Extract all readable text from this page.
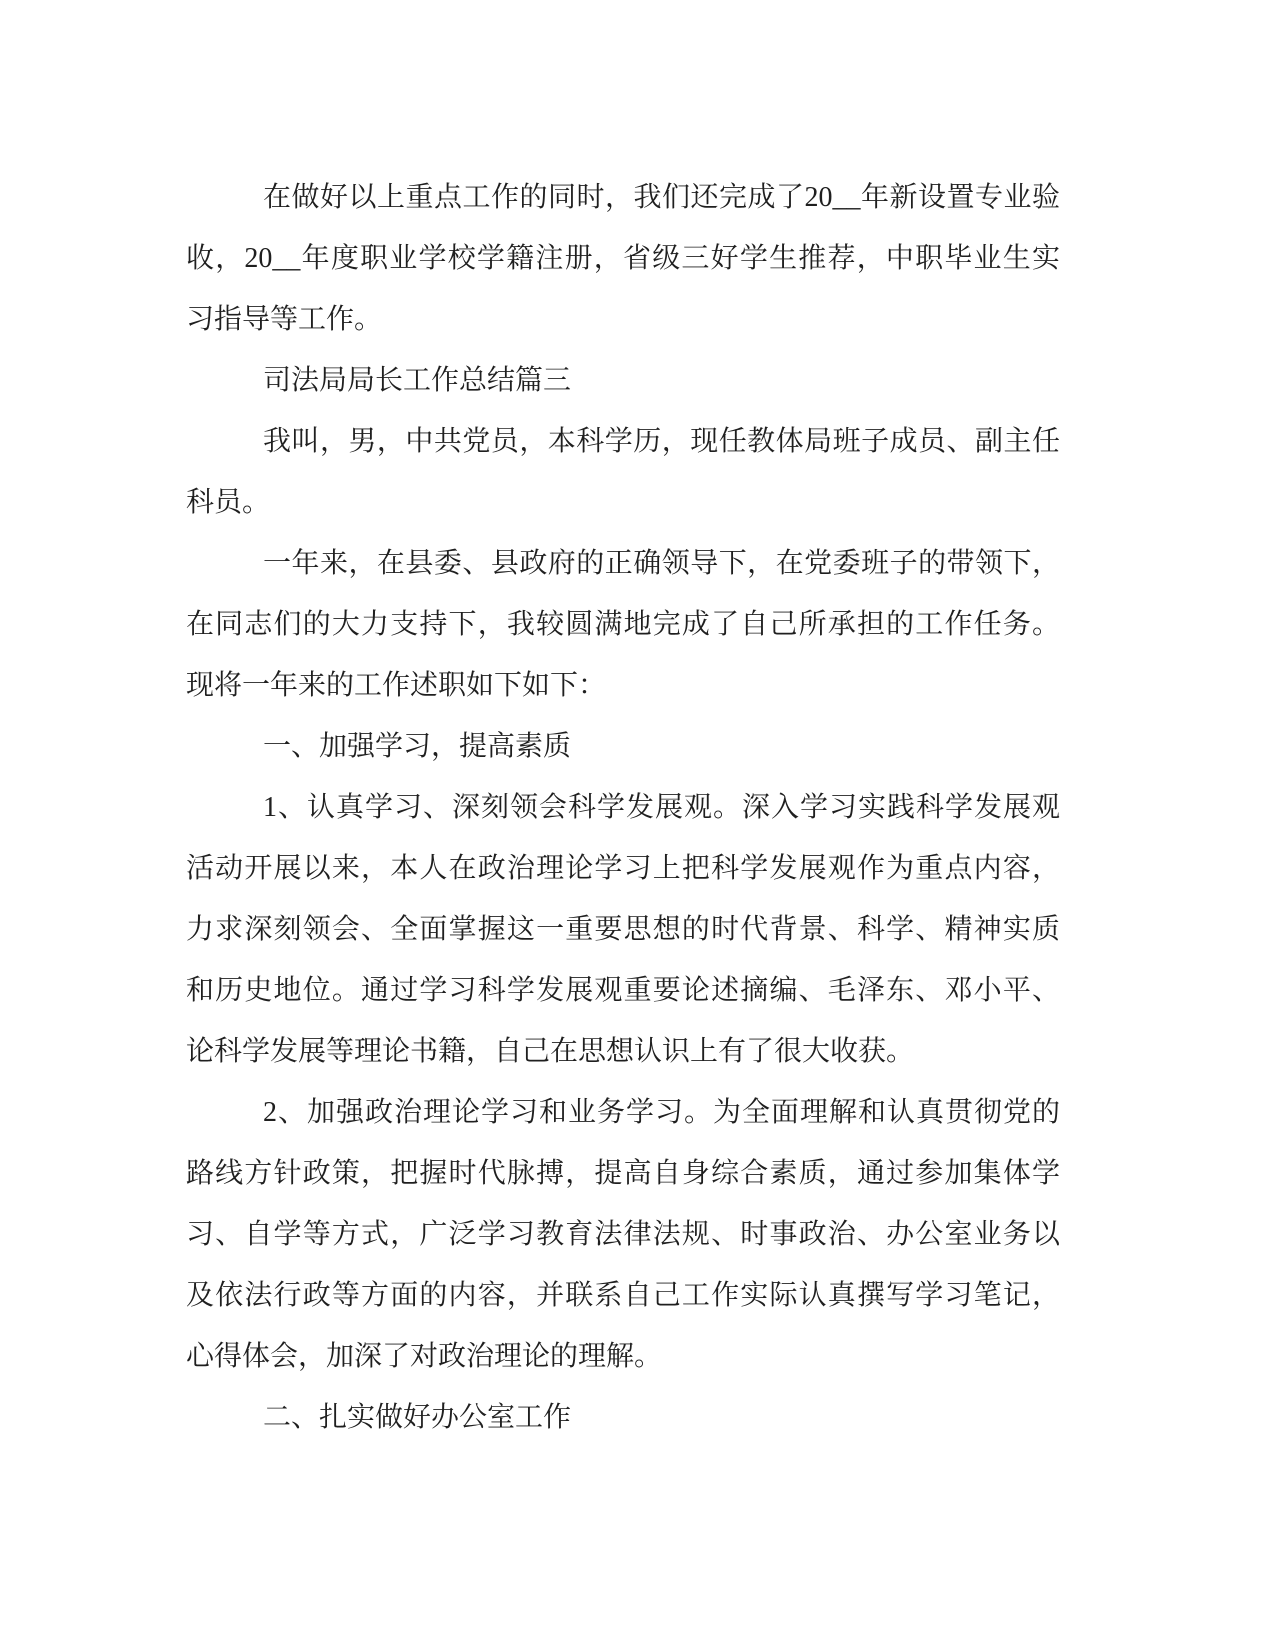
在做好以上重点工作的同时，我们还完成了20__年新设置专业验
收，20__年度职业学校学籍注册，省级三好学生推荐，中职毕业生实
习指导等工作。
司法局局长工作总结篇三
我叫，男，中共党员，本科学历，现任教体局班子成员、副主任
科员。
一年来，在县委、县政府的正确领导下，在党委班子的带领下，
在同志们的大力支持下，我较圆满地完成了自己所承担的工作任务。
现将一年来的工作述职如下如下：
一、加强学习，提高素质
1、认真学习、深刻领会科学发展观。深入学习实践科学发展观
活动开展以来，本人在政治理论学习上把科学发展观作为重点内容，
力求深刻领会、全面掌握这一重要思想的时代背景、科学、精神实质
和历史地位。通过学习科学发展观重要论述摘编、毛泽东、邓小平、
论科学发展等理论书籍，自己在思想认识上有了很大收获。
2、加强政治理论学习和业务学习。为全面理解和认真贯彻党的
路线方针政策，把握时代脉搏，提高自身综合素质，通过参加集体学
习、自学等方式，广泛学习教育法律法规、时事政治、办公室业务以
及依法行政等方面的内容，并联系自己工作实际认真撰写学习笔记，
心得体会，加深了对政治理论的理解。
二、扎实做好办公室工作
